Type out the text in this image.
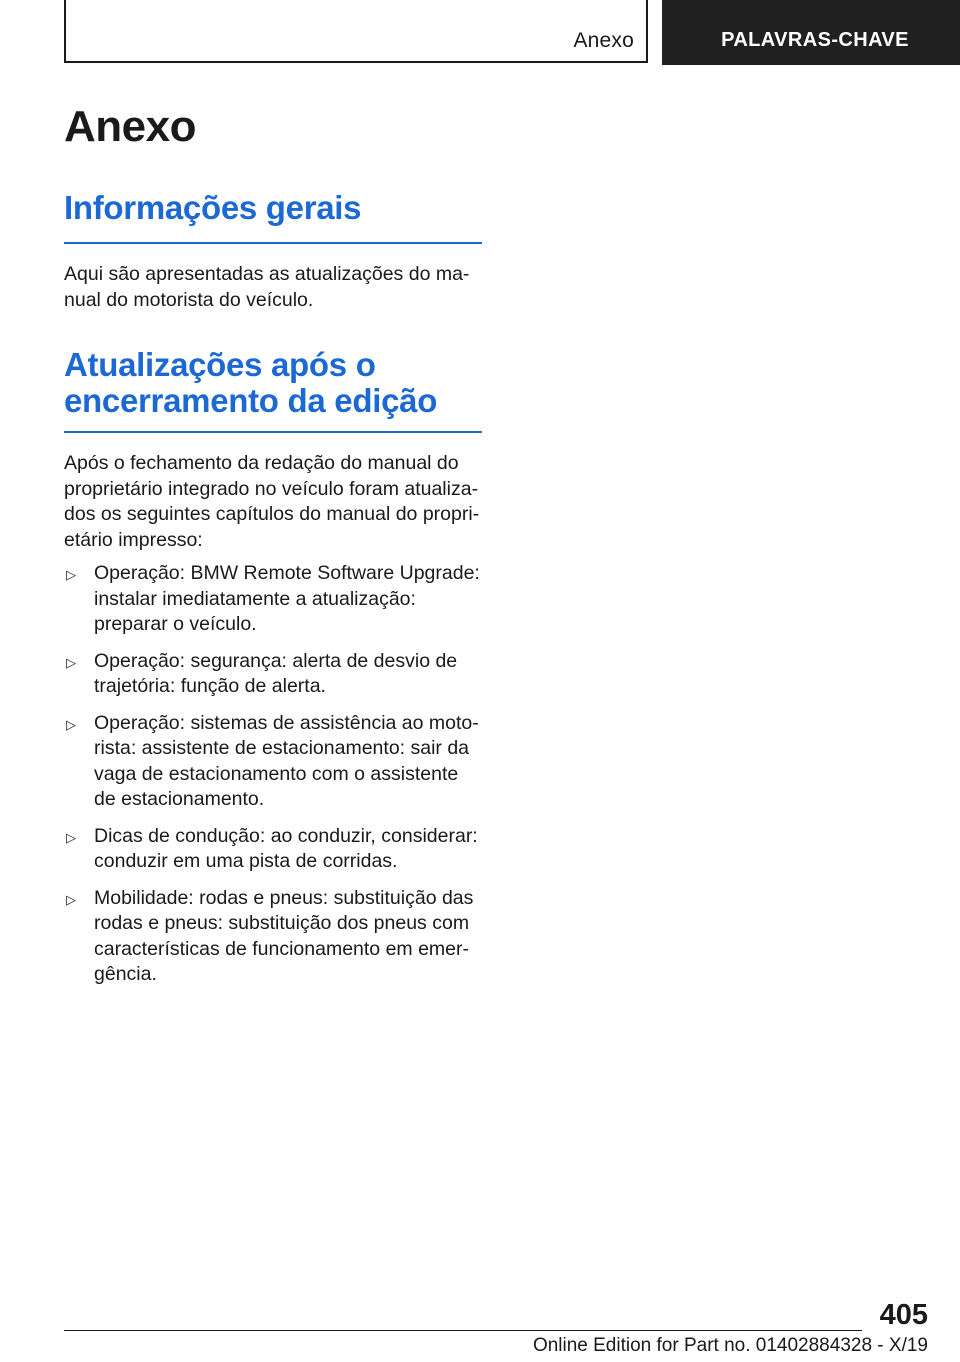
Anexo	PALAVRAS-CHAVE
Anexo
Informações gerais

Aqui são apresentadas as atualizações do manual do motorista do veículo.

Atualizações após o
encerramento da edição

Após o fechamento da redação do manual do proprietário integrado no veículo foram atualizados os seguintes capítulos do manual do proprietário impresso:

▷ Operação: BMW Remote Software Upgrade: instalar imediatamente a atualização: preparar o veículo.
▷ Operação: segurança: alerta de desvio de trajetória: função de alerta.
▷ Operação: sistemas de assistência ao motorista: assistente de estacionamento: sair da vaga de estacionamento com o assistente de estacionamento.
▷ Dicas de condução: ao conduzir, considerar: conduzir em uma pista de corridas.
▷ Mobilidade: rodas e pneus: substituição das rodas e pneus: substituição dos pneus com características de funcionamento em emergência.
405
Online Edition for Part no. 01402884328 - X/19
